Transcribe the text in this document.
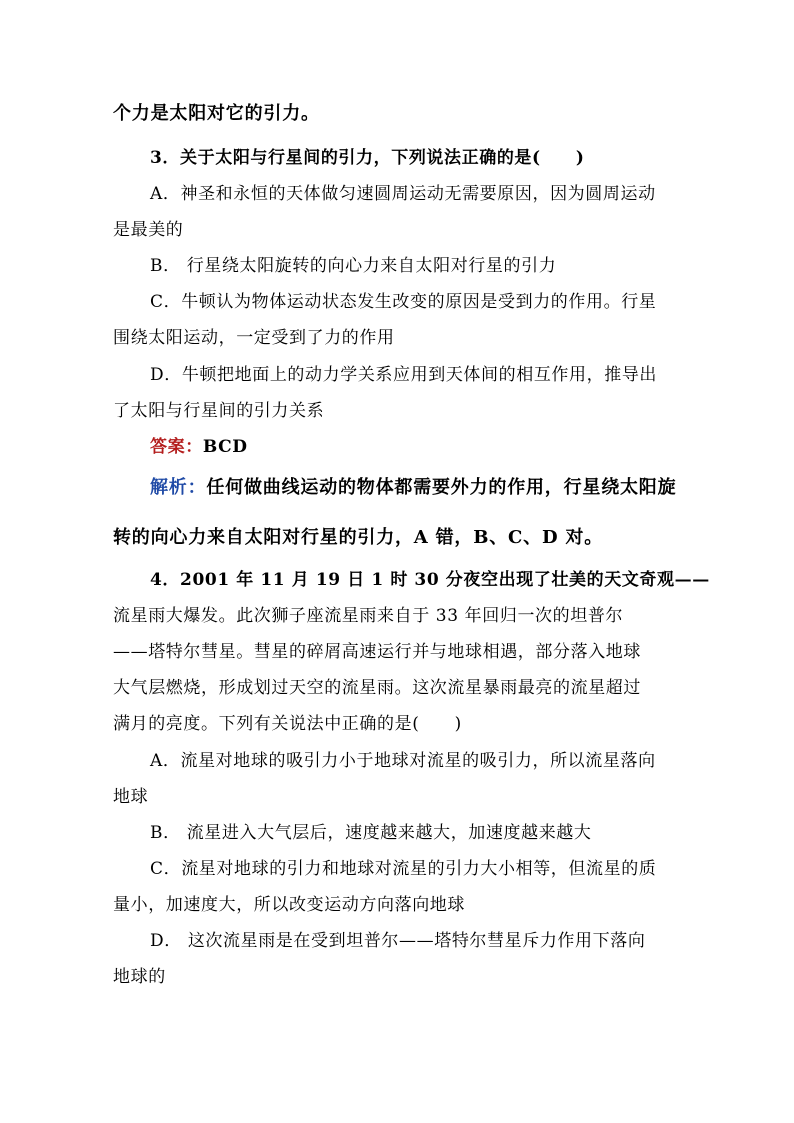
个力是太阳对它的引力。
3．关于太阳与行星间的引力，下列说法正确的是(　　)
A．神圣和永恒的天体做匀速圆周运动无需要原因，因为圆周运动
是最美的
B． 行星绕太阳旋转的向心力来自太阳对行星的引力
C．牛顿认为物体运动状态发生改变的原因是受到力的作用。行星
围绕太阳运动，一定受到了力的作用
D．牛顿把地面上的动力学关系应用到天体间的相互作用，推导出
了太阳与行星间的引力关系
答案：BCD
解析：任何做曲线运动的物体都需要外力的作用，行星绕太阳旋
转的向心力来自太阳对行星的引力，A 错，B、C、D 对。
4．2001 年 11 月 19 日 1 时 30 分夜空出现了壮美的天文奇观——
流星雨大爆发。此次狮子座流星雨来自于 33 年回归一次的坦普尔
——塔特尔彗星。彗星的碎屑高速运行并与地球相遇，部分落入地球
大气层燃烧，形成划过天空的流星雨。这次流星暴雨最亮的流星超过
满月的亮度。下列有关说法中正确的是(　　)
A．流星对地球的吸引力小于地球对流星的吸引力，所以流星落向
地球
B． 流星进入大气层后，速度越来越大，加速度越来越大
C．流星对地球的引力和地球对流星的引力大小相等，但流星的质
量小，加速度大，所以改变运动方向落向地球
D． 这次流星雨是在受到坦普尔——塔特尔彗星斥力作用下落向
地球的
